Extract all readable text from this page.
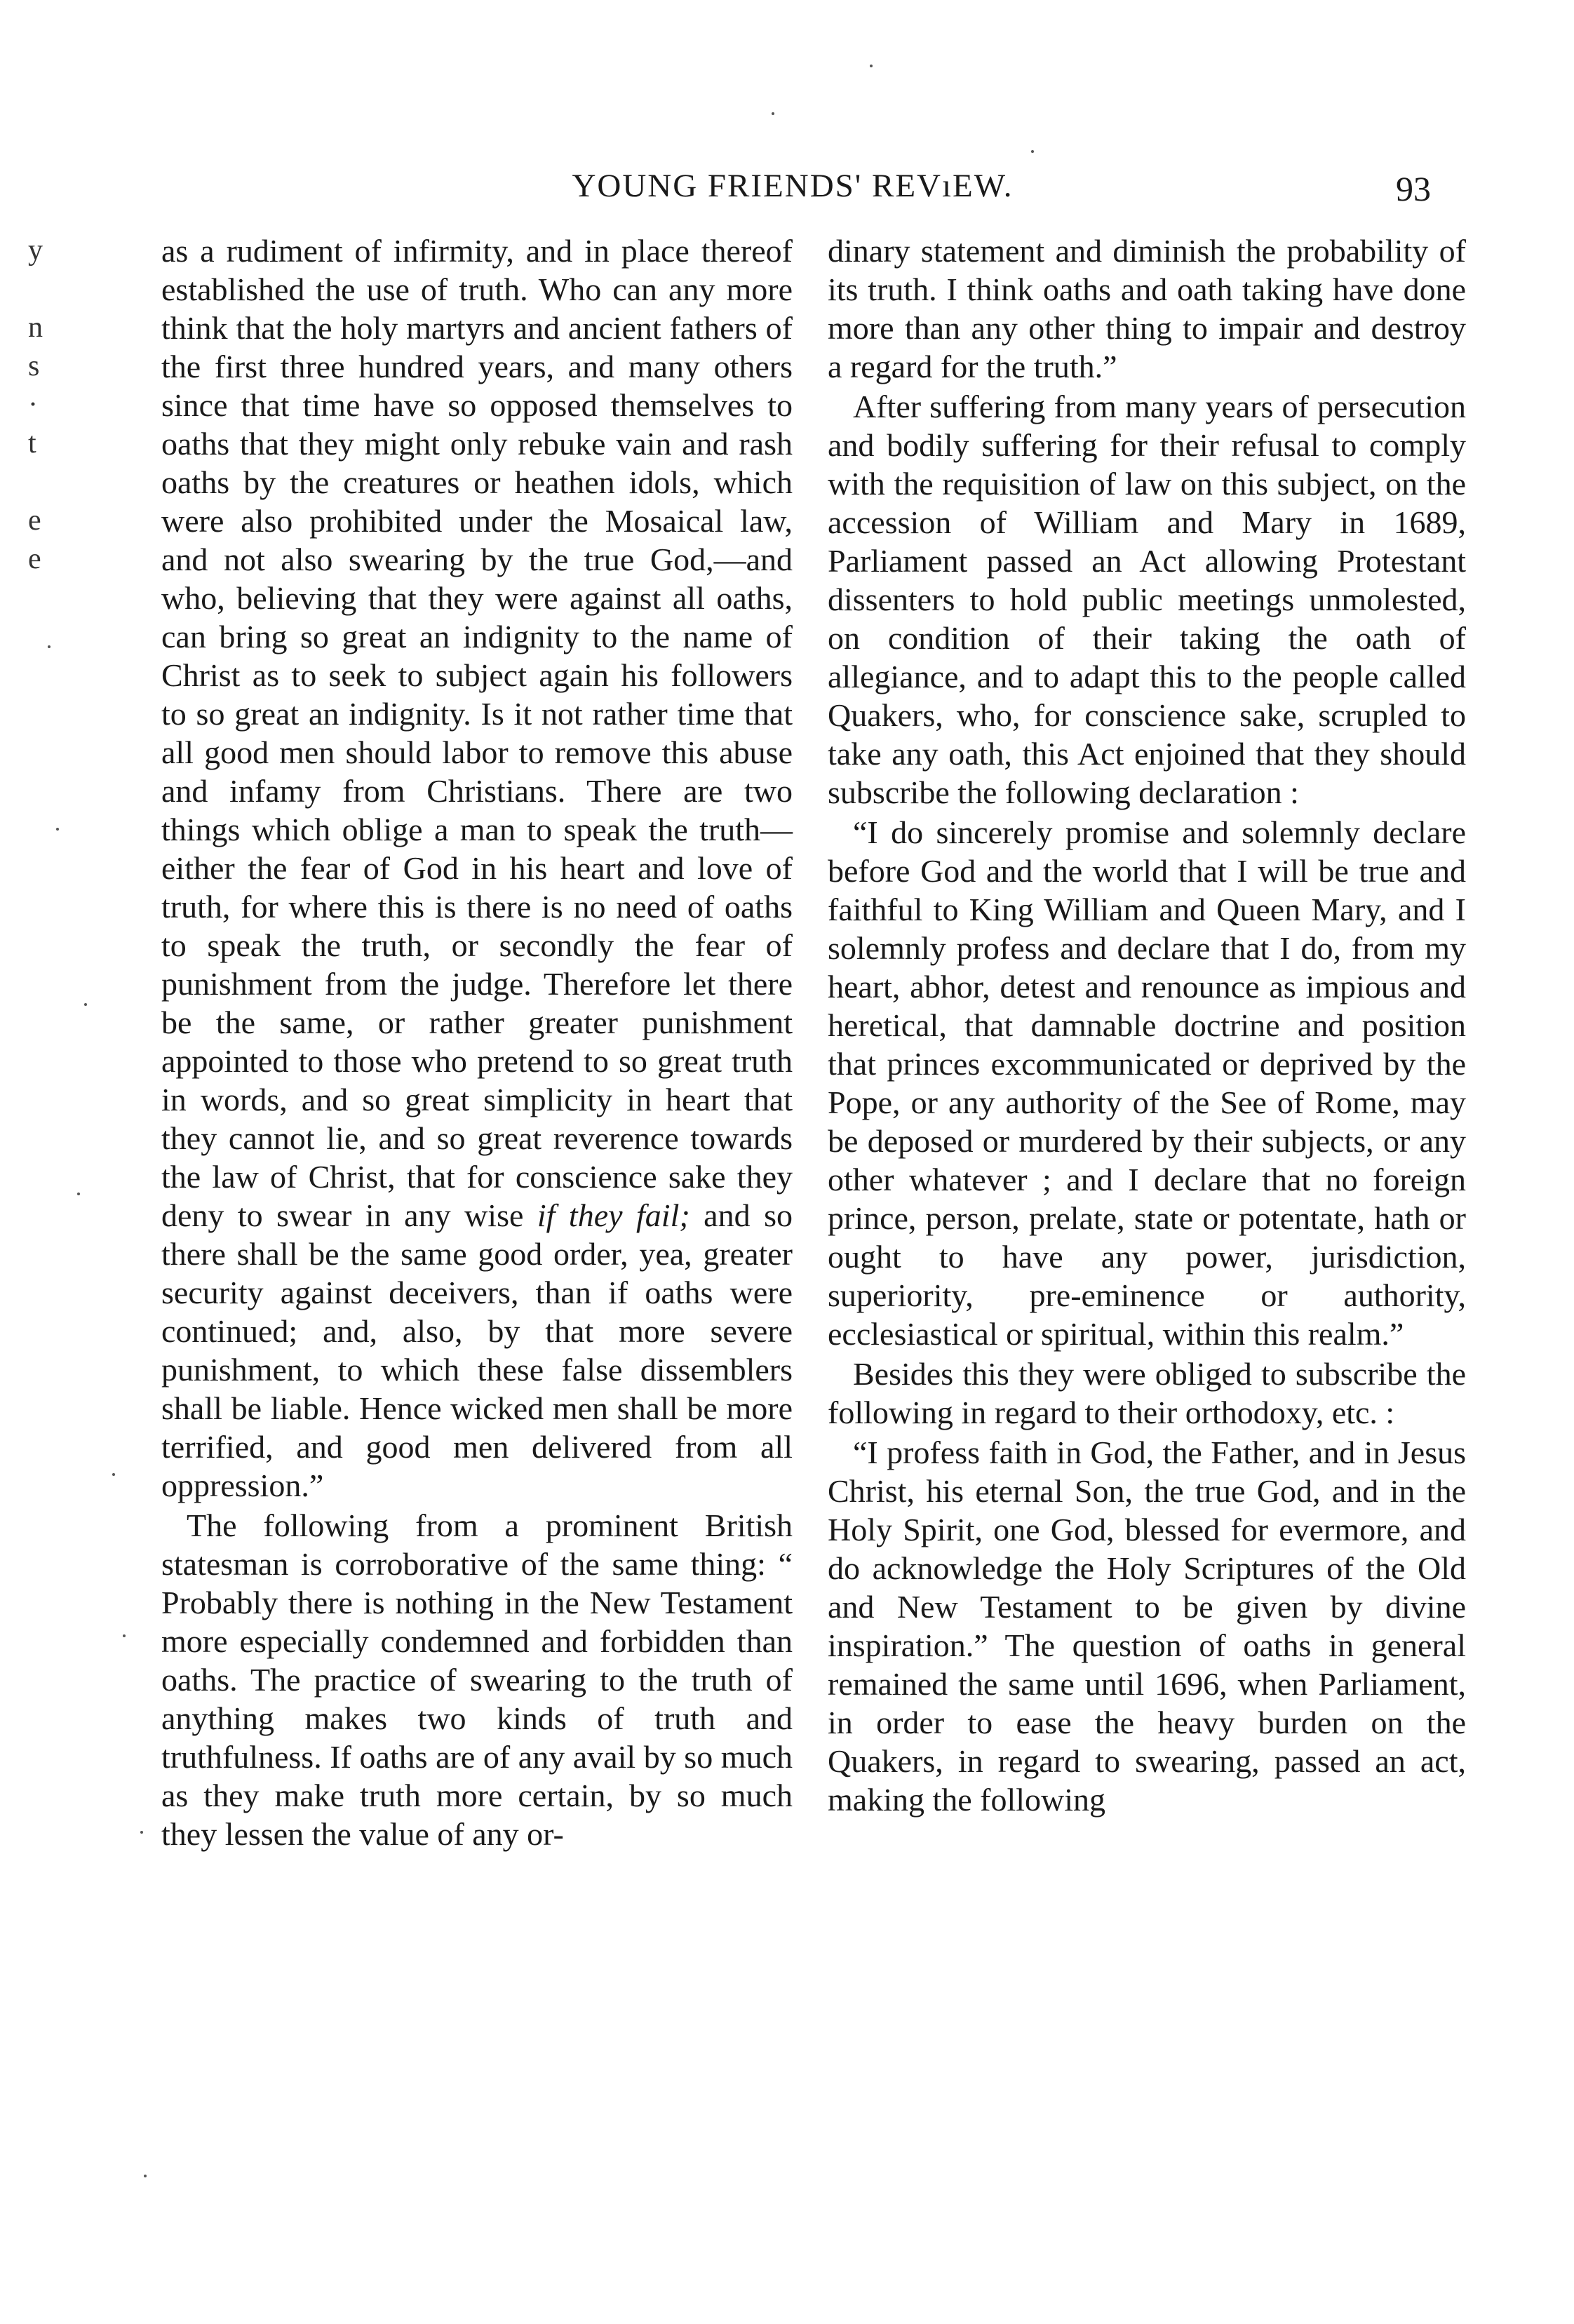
YOUNG FRIENDS' REVıEW.	93
y
n
s
·
t
e
e

as a rudiment of infirmity, and in place thereof established the use of truth. Who can any more think that the holy martyrs and ancient fathers of the first three hundred years, and many others since that time have so opposed themselves to oaths that they might only rebuke vain and rash oaths by the creatures or heathen idols, which were also prohibited under the Mosaical law, and not also swearing by the true God,—and who, believing that they were against all oaths, can bring so great an indignity to the name of Christ as to seek to subject again his followers to so great an indignity. Is it not rather time that all good men should labor to remove this abuse and infamy from Christians. There are two things which oblige a man to speak the truth—either the fear of God in his heart and love of truth, for where this is there is no need of oaths to speak the truth, or secondly the fear of punishment from the judge. Therefore let there be the same, or rather greater punishment appointed to those who pretend to so great truth in words, and so great simplicity in heart that they cannot lie, and so great reverence towards the law of Christ, that for conscience sake they deny to swear in any wise if they fail; and so there shall be the same good order, yea, greater security against deceivers, than if oaths were continued; and, also, by that more severe punishment, to which these false dissemblers shall be liable. Hence wicked men shall be more terrified, and good men delivered from all oppression.”

The following from a prominent British statesman is corroborative of the same thing: “ Probably there is nothing in the New Testament more especially condemned and forbidden than oaths. The practice of swearing to the truth of anything makes two kinds of truth and truthfulness. If oaths are of any avail by so much as they make truth more certain, by so much they lessen the value of any or-

dinary statement and diminish the probability of its truth. I think oaths and oath taking have done more than any other thing to impair and destroy a regard for the truth.”

After suffering from many years of persecution and bodily suffering for their refusal to comply with the requisition of law on this subject, on the accession of William and Mary in 1689, Parliament passed an Act allowing Protestant dissenters to hold public meetings unmolested, on condition of their taking the oath of allegiance, and to adapt this to the people called Quakers, who, for conscience sake, scrupled to take any oath, this Act enjoined that they should subscribe the following declaration :

“I do sincerely promise and solemnly declare before God and the world that I will be true and faithful to King William and Queen Mary, and I solemnly profess and declare that I do, from my heart, abhor, detest and renounce as impious and heretical, that damnable doctrine and position that princes excommunicated or deprived by the Pope, or any authority of the See of Rome, may be deposed or murdered by their subjects, or any other whatever ; and I declare that no foreign prince, person, prelate, state or potentate, hath or ought to have any power, jurisdiction, superiority, pre-eminence or authority, ecclesiastical or spiritual, within this realm.”

Besides this they were obliged to subscribe the following in regard to their orthodoxy, etc. :

“I profess faith in God, the Father, and in Jesus Christ, his eternal Son, the true God, and in the Holy Spirit, one God, blessed for evermore, and do acknowledge the Holy Scriptures of the Old and New Testament to be given by divine inspiration.” The question of oaths in general remained the same until 1696, when Parliament, in order to ease the heavy burden on the Quakers, in regard to swearing, passed an act, making the following
